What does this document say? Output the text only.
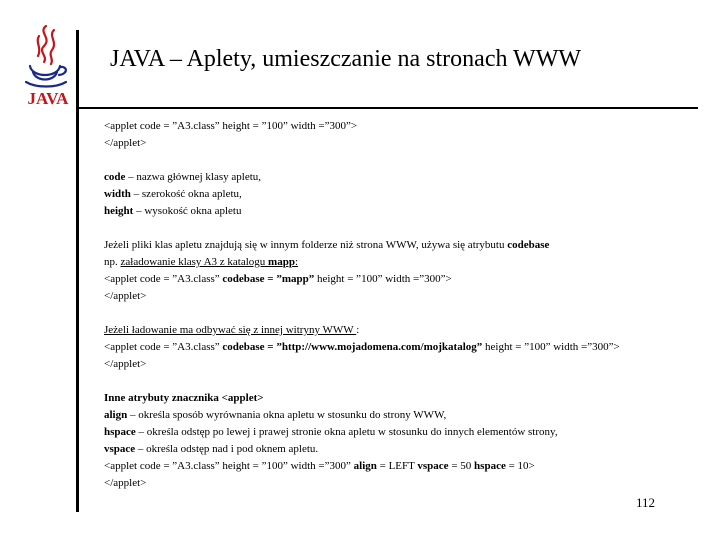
JAVA
JAVA – Aplety, umieszczanie na stronach WWW
<applet code = ”A3.class” height = ”100” width =”300”>
</applet>
code – nazwa głównej klasy apletu,
width – szerokość okna apletu,
height – wysokość okna apletu
Jeżeli pliki klas apletu znajdują się w innym folderze niż strona WWW, używa się atrybutu codebase
np. załadowanie klasy A3 z katalogu mapp:
<applet code = ”A3.class” codebase = ”mapp” height = ”100” width =”300”>
</applet>
Jeżeli ładowanie ma odbywać się z innej witryny WWW :
<applet code = ”A3.class” codebase = ”http://www.mojadomena.com/mojkatalog” height = ”100” width =”300”>
</applet>
Inne atrybuty znacznika <applet>
align – określa sposób wyrównania okna apletu w stosunku do strony WWW,
hspace – określa odstęp po lewej i prawej stronie okna apletu w stosunku do innych elementów strony,
vspace – określa odstęp nad i pod oknem apletu.
<applet code = ”A3.class” height = ”100” width =”300” align = LEFT vspace = 50 hspace = 10>
</applet>
112
